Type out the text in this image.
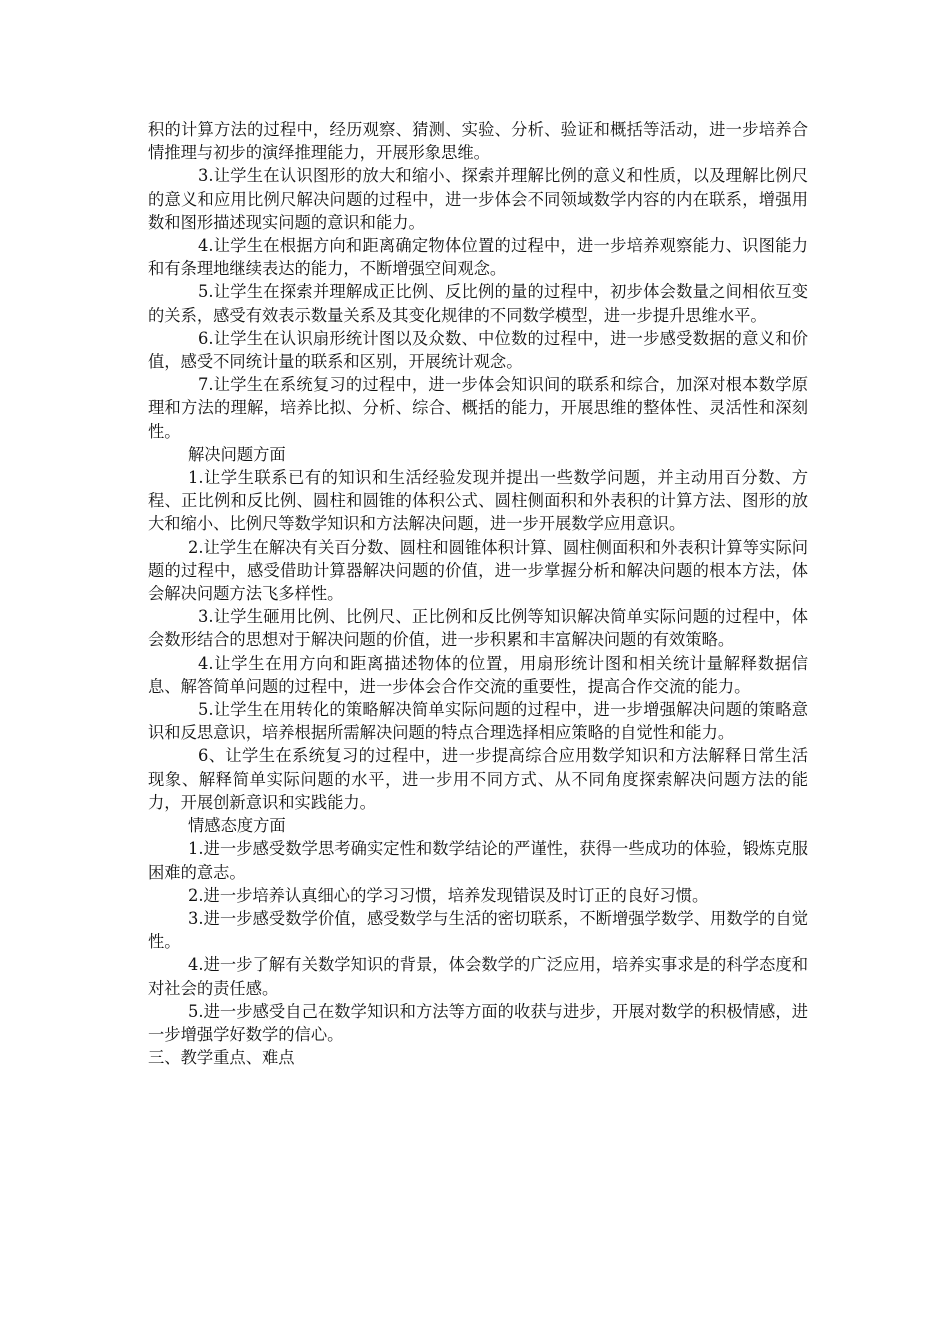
积的计算方法的过程中，经历观察、猜测、实验、分析、验证和概括等活动，进一步培养合情推理与初步的演绎推理能力，开展形象思维。

3.让学生在认识图形的放大和缩小、探索并理解比例的意义和性质，以及理解比例尺的意义和应用比例尺解决问题的过程中，进一步体会不同领域数学内容的内在联系，增强用数和图形描述现实问题的意识和能力。

4.让学生在根据方向和距离确定物体位置的过程中，进一步培养观察能力、识图能力和有条理地继续表达的能力，不断增强空间观念。

5.让学生在探索并理解成正比例、反比例的量的过程中，初步体会数量之间相依互变的关系，感受有效表示数量关系及其变化规律的不同数学模型，进一步提升思维水平。

6.让学生在认识扇形统计图以及众数、中位数的过程中，进一步感受数据的意义和价值，感受不同统计量的联系和区别，开展统计观念。

7.让学生在系统复习的过程中，进一步体会知识间的联系和综合，加深对根本数学原理和方法的理解，培养比拟、分析、综合、概括的能力，开展思维的整体性、灵活性和深刻性。

解决问题方面

1.让学生联系已有的知识和生活经验发现并提出一些数学问题，并主动用百分数、方程、正比例和反比例、圆柱和圆锥的体积公式、圆柱侧面积和外表积的计算方法、图形的放大和缩小、比例尺等数学知识和方法解决问题，进一步开展数学应用意识。

2.让学生在解决有关百分数、圆柱和圆锥体积计算、圆柱侧面积和外表积计算等实际问题的过程中，感受借助计算器解决问题的价值，进一步掌握分析和解决问题的根本方法，体会解决问题方法飞多样性。

3.让学生砸用比例、比例尺、正比例和反比例等知识解决简单实际问题的过程中，体会数形结合的思想对于解决问题的价值，进一步积累和丰富解决问题的有效策略。

4.让学生在用方向和距离描述物体的位置，用扇形统计图和相关统计量解释数据信息、解答简单问题的过程中，进一步体会合作交流的重要性，提高合作交流的能力。

5.让学生在用转化的策略解决简单实际问题的过程中，进一步增强解决问题的策略意识和反思意识，培养根据所需解决问题的特点合理选择相应策略的自觉性和能力。

6、让学生在系统复习的过程中，进一步提高综合应用数学知识和方法解释日常生活现象、解释简单实际问题的水平，进一步用不同方式、从不同角度探索解决问题方法的能力，开展创新意识和实践能力。

情感态度方面

1.进一步感受数学思考确实定性和数学结论的严谨性，获得一些成功的体验，锻炼克服困难的意志。

2.进一步培养认真细心的学习习惯，培养发现错误及时订正的良好习惯。

3.进一步感受数学价值，感受数学与生活的密切联系，不断增强学数学、用数学的自觉性。

4.进一步了解有关数学知识的背景，体会数学的广泛应用，培养实事求是的科学态度和对社会的责任感。

5.进一步感受自己在数学知识和方法等方面的收获与进步，开展对数学的积极情感，进一步增强学好数学的信心。

三、教学重点、难点
